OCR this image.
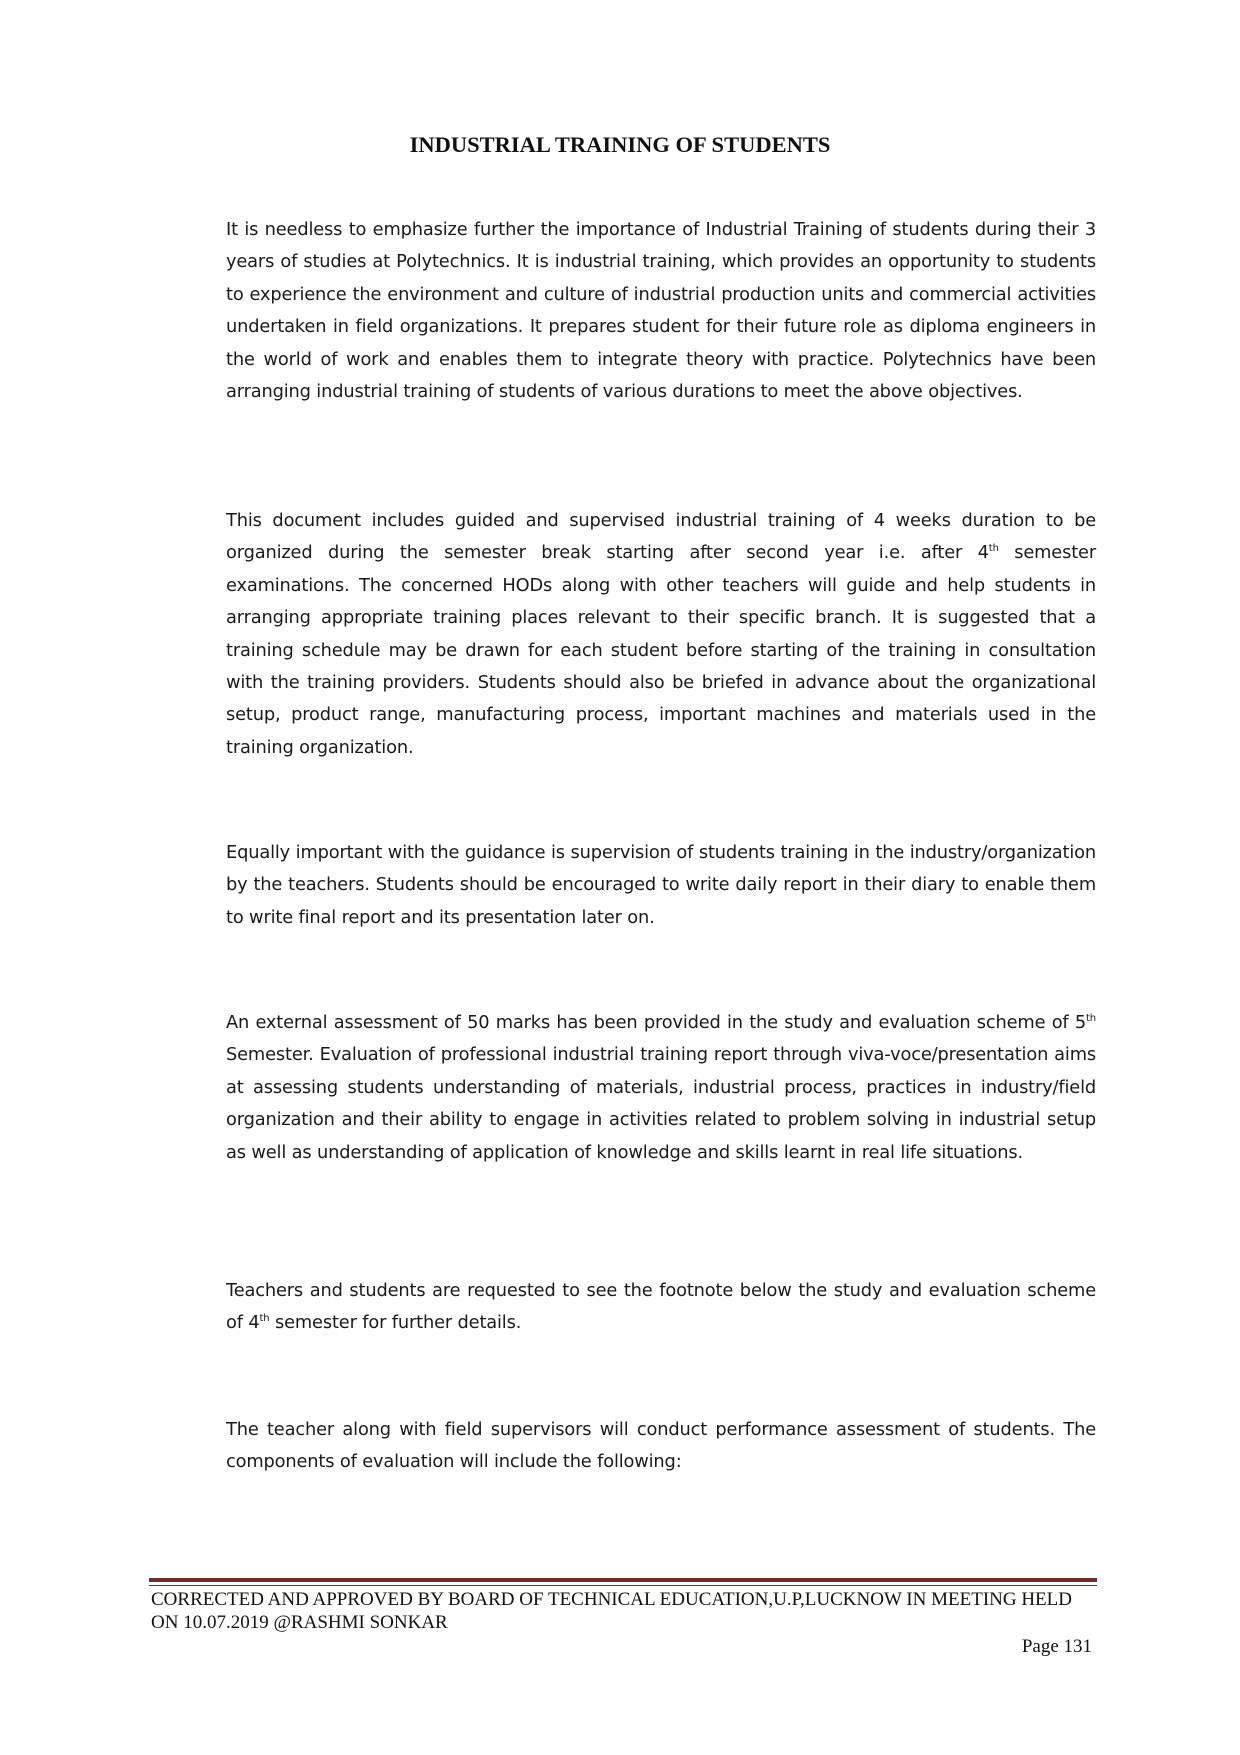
INDUSTRIAL TRAINING OF STUDENTS

It is needless to emphasize further the importance of Industrial Training of students during their 3 years of studies at Polytechnics. It is industrial training, which provides an opportunity to students to experience the environment and culture of industrial production units and commercial activities undertaken in field organizations. It prepares student for their future role as diploma engineers in the world of work and enables them to integrate theory with practice. Polytechnics have been arranging industrial training of students of various durations to meet the above objectives.

This document includes guided and supervised industrial training of 4 weeks duration to be organized during the semester break starting after second year i.e. after 4th semester examinations. The concerned HODs along with other teachers will guide and help students in arranging appropriate training places relevant to their specific branch. It is suggested that a training schedule may be drawn for each student before starting of the training in consultation with the training providers. Students should also be briefed in advance about the organizational setup, product range, manufacturing process, important machines and materials used in the training organization.

Equally important with the guidance is supervision of students training in the industry/organization by the teachers. Students should be encouraged to write daily report in their diary to enable them to write final report and its presentation later on.

An external assessment of 50 marks has been provided in the study and evaluation scheme of 5th Semester. Evaluation of professional industrial training report through viva-voce/presentation aims at assessing students understanding of materials, industrial process, practices in industry/field organization and their ability to engage in activities related to problem solving in industrial setup as well as understanding of application of knowledge and skills learnt in real life situations.

Teachers and students are requested to see the footnote below the study and evaluation scheme of 4th semester for further details.

The teacher along with field supervisors will conduct performance assessment of students. The components of evaluation will include the following:

CORRECTED AND APPROVED BY BOARD OF TECHNICAL EDUCATION,U.P,LUCKNOW IN MEETING HELD ON 10.07.2019 @RASHMI SONKAR

Page 131
